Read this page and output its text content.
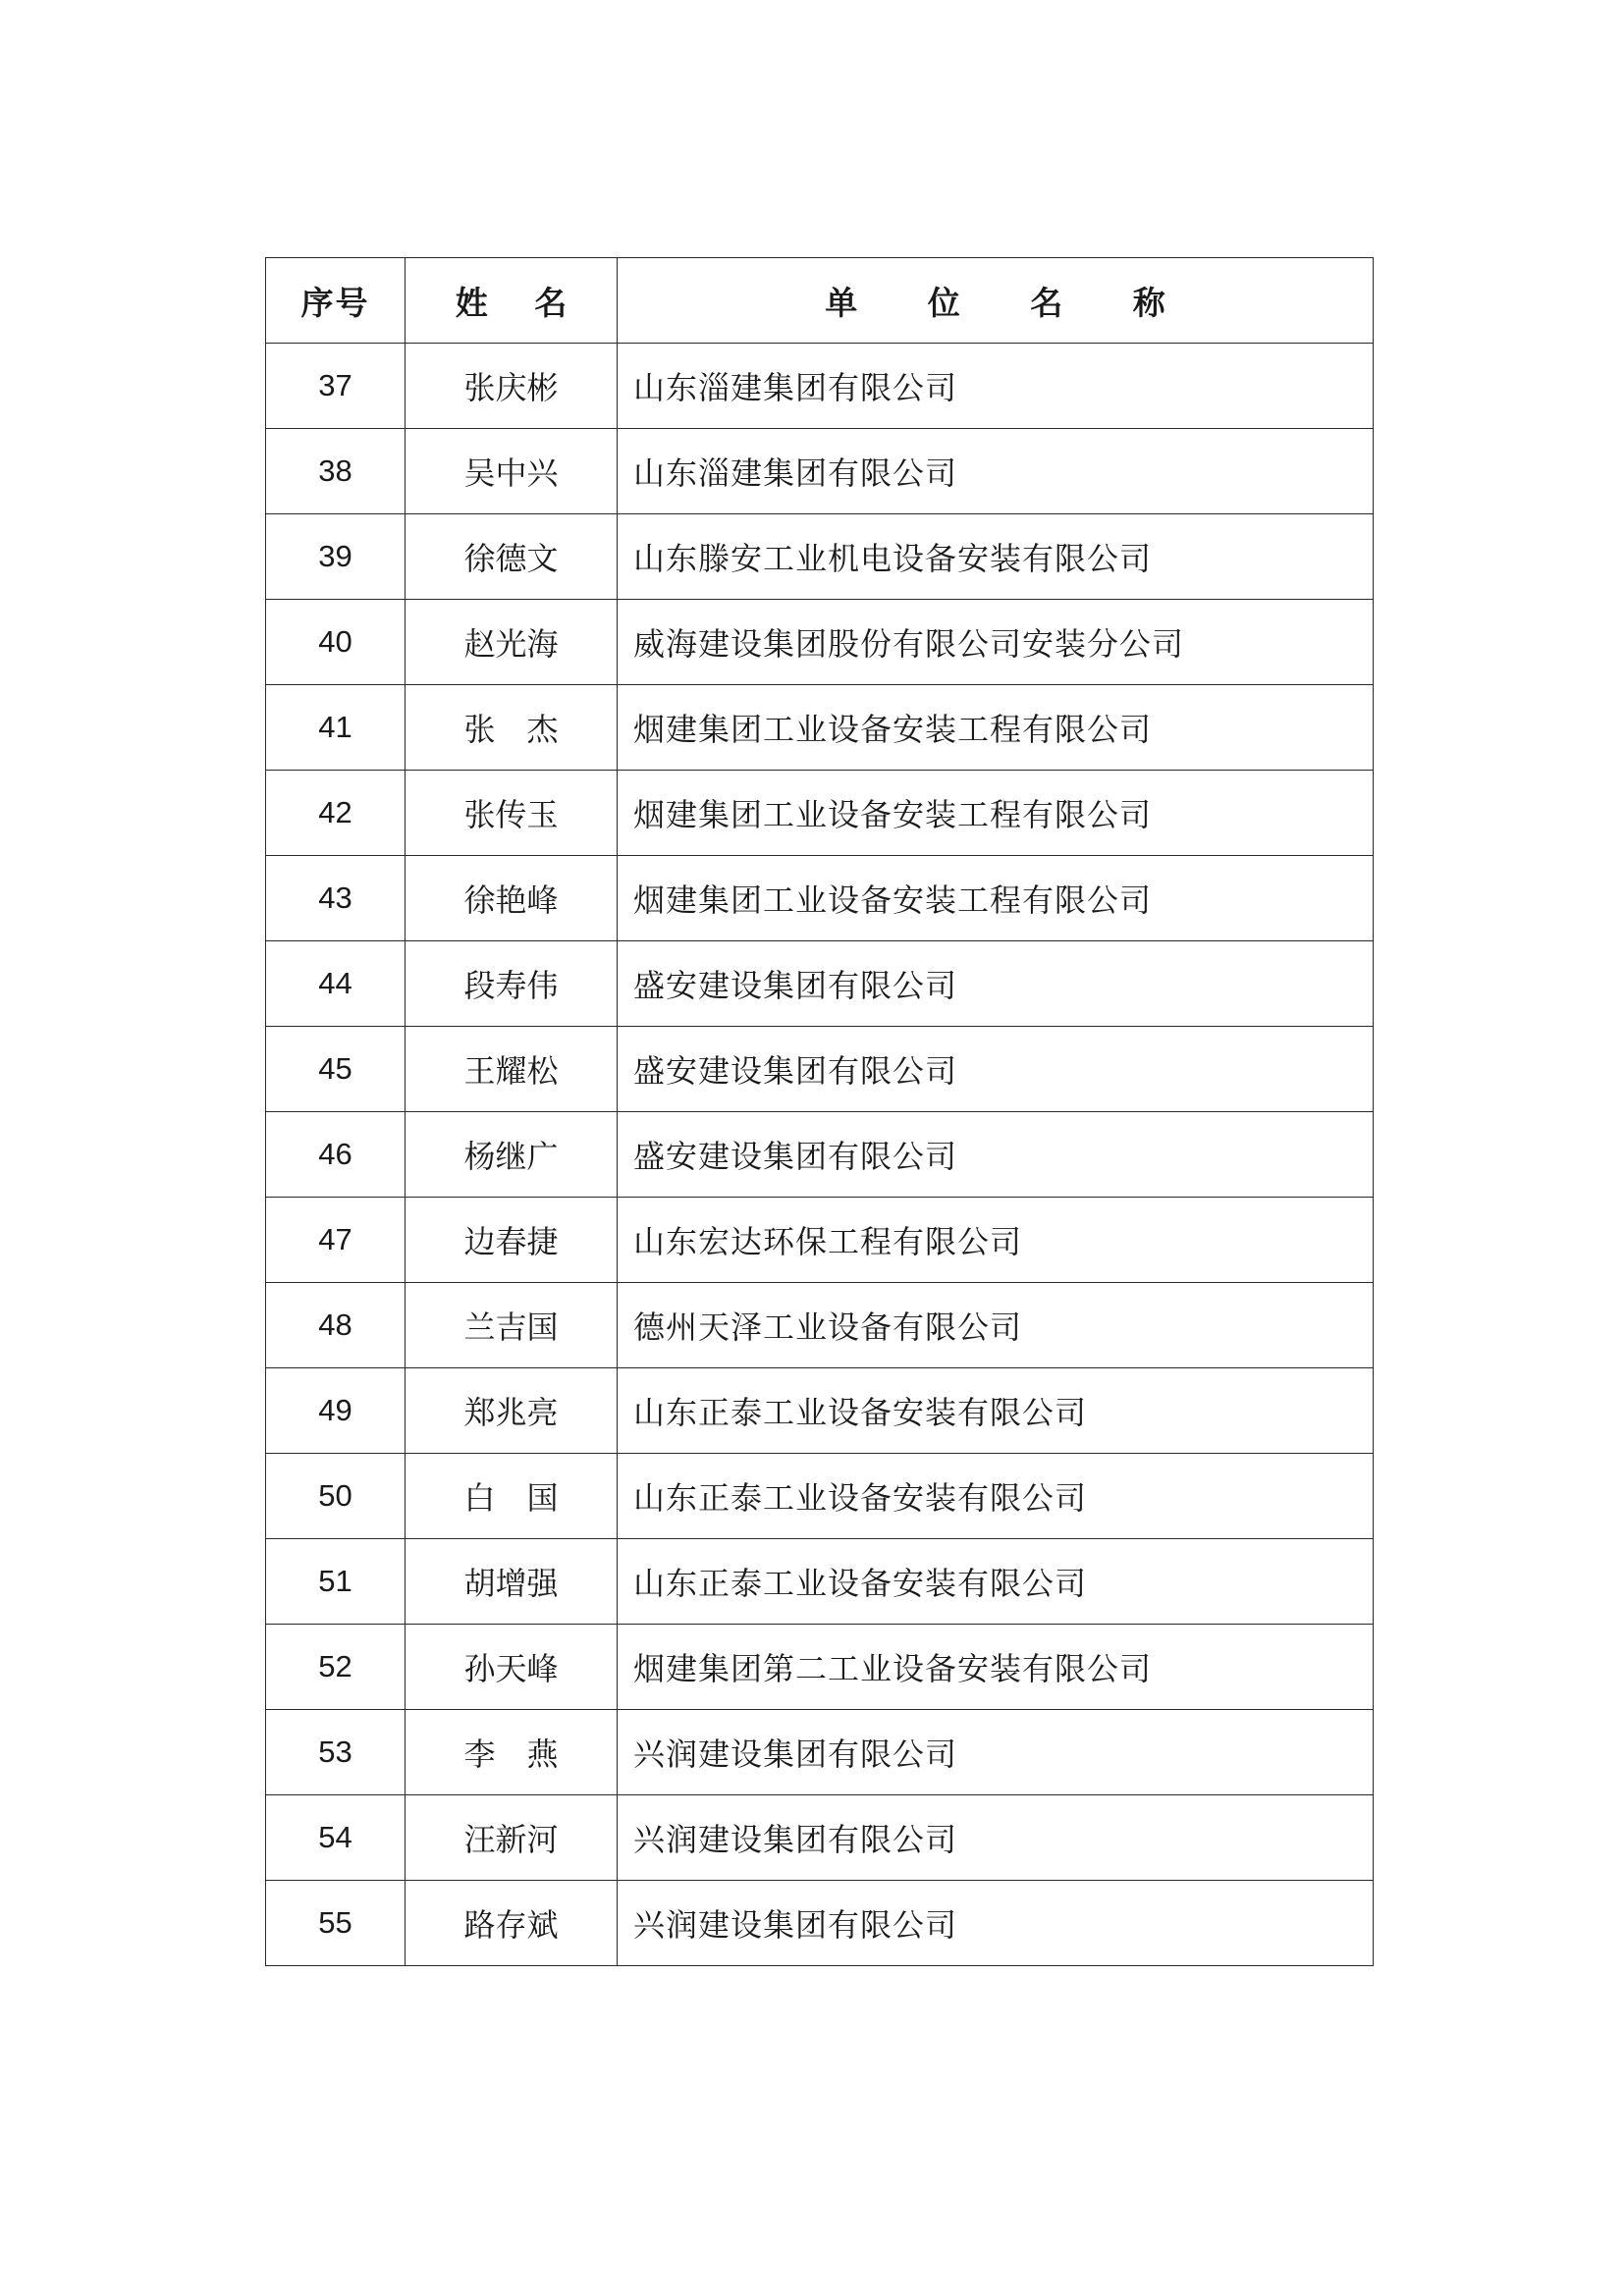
序号	姓 名	单 位 名 称
37	张庆彬	山东淄建集团有限公司
38	吴中兴	山东淄建集团有限公司
39	徐德文	山东滕安工业机电设备安装有限公司
40	赵光海	威海建设集团股份有限公司安装分公司
41	张　杰	烟建集团工业设备安装工程有限公司
42	张传玉	烟建集团工业设备安装工程有限公司
43	徐艳峰	烟建集团工业设备安装工程有限公司
44	段寿伟	盛安建设集团有限公司
45	王耀松	盛安建设集团有限公司
46	杨继广	盛安建设集团有限公司
47	边春捷	山东宏达环保工程有限公司
48	兰吉国	德州天泽工业设备有限公司
49	郑兆亮	山东正泰工业设备安装有限公司
50	白　国	山东正泰工业设备安装有限公司
51	胡增强	山东正泰工业设备安装有限公司
52	孙天峰	烟建集团第二工业设备安装有限公司
53	李　燕	兴润建设集团有限公司
54	汪新河	兴润建设集团有限公司
55	路存斌	兴润建设集团有限公司
